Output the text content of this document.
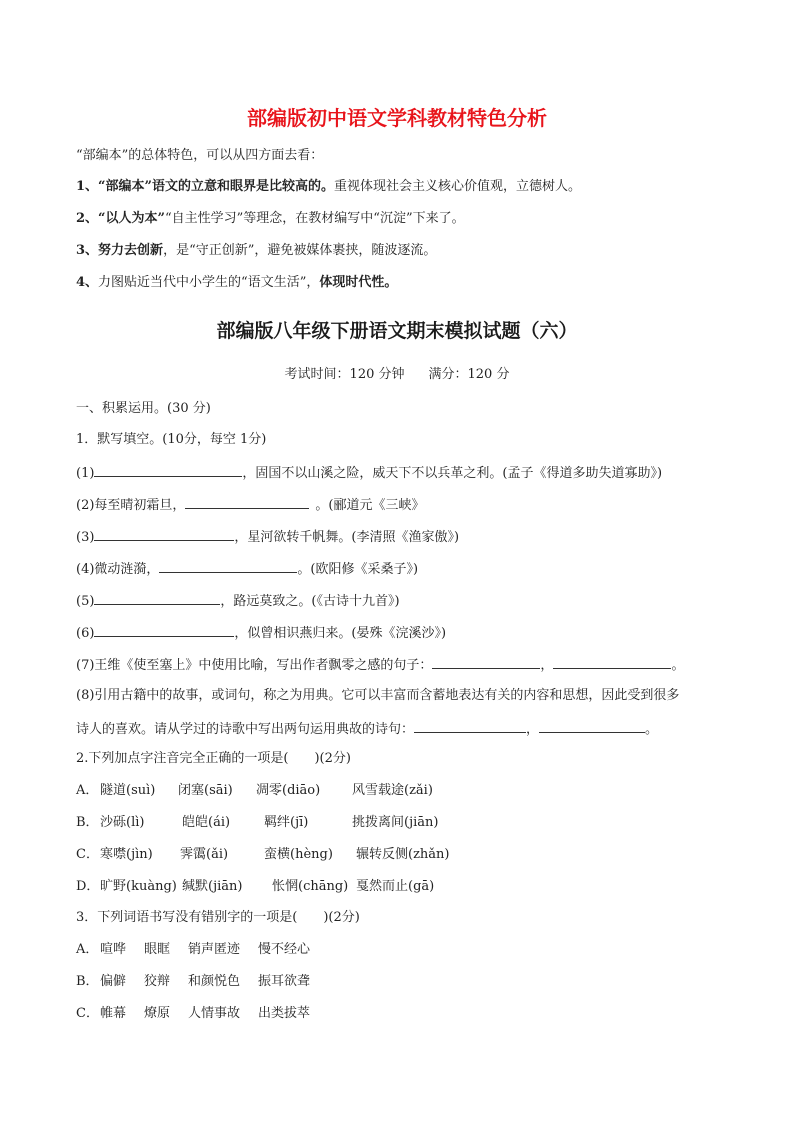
部编版初中语文学科教材特色分析
“部编本”的总体特色，可以从四方面去看：
1、“部编本”语文的立意和眼界是比较高的。重视体现社会主义核心价值观，立德树人。
2、“以人为本”“自主性学习”等理念，在教材编写中“沉淀”下来了。
3、努力去创新，是“守正创新”，避免被媒体裹挟，随波逐流。
4、力图贴近当代中小学生的“语文生活”，体现时代性。
部编版八年级下册语文期末模拟试题（六）
考试时间：120 分钟 满分：120 分
一、积累运用。(30 分)
1．默写填空。(10分，每空 1分)
(1)	，固国不以山溪之险，威天下不以兵革之利。(孟子《得道多助失道寡助》)
(2)每至晴初霜旦，	。(郦道元《三峡》
(3)	，星河欲转千帆舞。(李清照《渔家傲》)
(4)微动涟漪，	。(欧阳修《采桑子》)
(5)	，路远莫致之。(《古诗十九首》)
(6)	，似曾相识燕归来。(晏殊《浣溪沙》)
(7)王维《使至塞上》中使用比喻，写出作者飘零之感的句子：	，	。
(8)引用古籍中的故事，或词句，称之为用典。它可以丰富而含蓄地表达有关的内容和思想，因此受到很多
诗人的喜欢。请从学过的诗歌中写出两句运用典故的诗句：	，	。
2.下列加点字注音完全正确的一项是(　　)(2分)
A． 隧道(suì) 闭塞(sāi) 凋零(diāo) 风雪载途(zǎi)
B．沙砾(lì)	皑皑(ái)	羁绊(jī)	挑拨离间(jiān)
C．寒噤(jìn) 霁霭(ǎi)	蛮横(hèng) 辗转反侧(zhǎn)
D．旷野(kuàng) 缄默(jiān) 怅惘(chāng) 戛然而止(gā)
3．下列词语书写没有错别字的一项是(　　)(2分)
A． 喧哗 眼眶 销声匿迹 慢不经心
B．偏僻 狡辩 和颜悦色 振耳欲聋
C．帷幕 燎原 人情事故 出类拔萃
